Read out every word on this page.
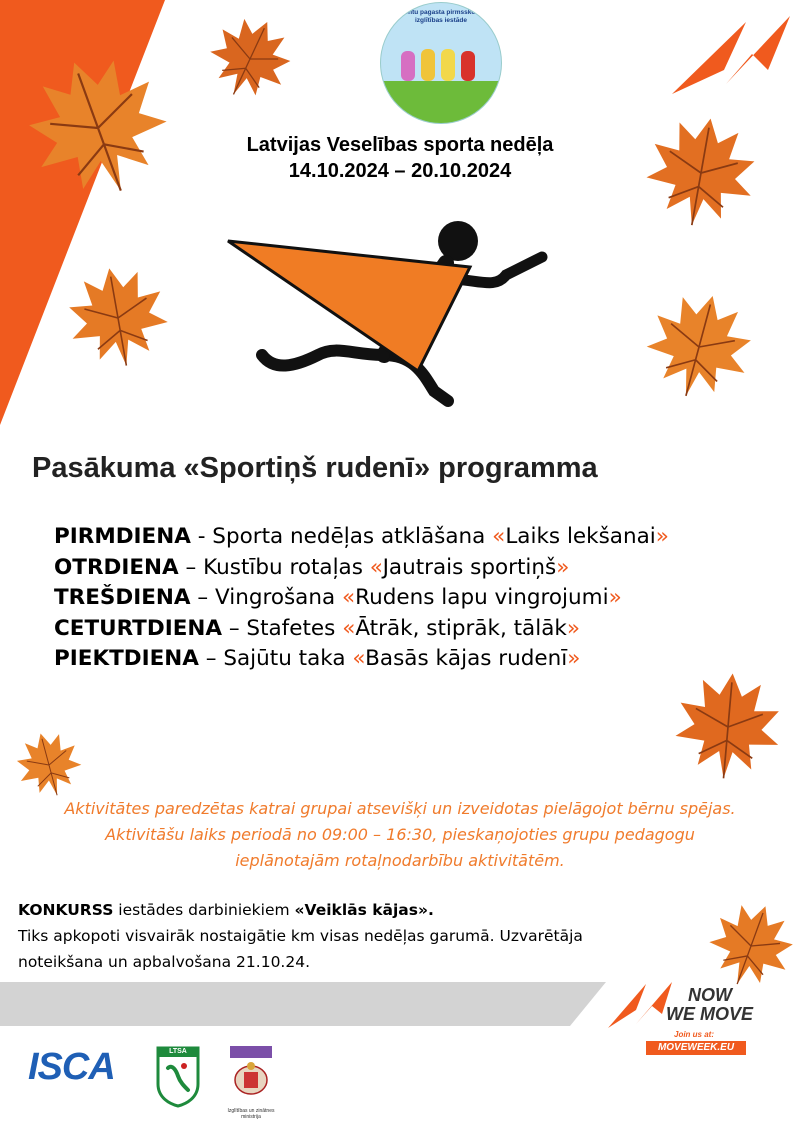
Biontu pagasta pirmsskolas izglītības iestāde
Latvijas Veselības sporta nedēļa
14.10.2024 – 20.10.2024
Pasākuma «Sportiņš rudenī» programma
PIRMDIENA - Sporta nedēļas atklāšana «Laiks lekšanai»
OTRDIENA – Kustību rotaļas «Jautrais sportiņš»
TREŠDIENA – Vingrošana «Rudens lapu vingrojumi»
CETURTDIENA – Stafetes «Ātrāk, stiprāk, tālāk»
PIEKTDIENA – Sajūtu taka «Basās kājas rudenī»
Aktivitātes paredzētas katrai grupai atsevišķi un izveidotas pielāgojot bērnu spējas.
Aktivitāšu laiks periodā no 09:00 – 16:30, pieskaņojoties grupu pedagogu
ieplānotajām rotaļnodarbību aktivitātēm.
KONKURSS iestādes darbiniekiem «Veiklās kājas».
Tiks apkopoti visvairāk nostaigātie km visas nedēļas garumā. Uzvarētāja
noteikšana un apbalvošana 21.10.24.
ISCA	LTSA
Izglītības un zinātnes ministrija
NOW
WE MOVE
Join us at:
MOVEWEEK.EU
